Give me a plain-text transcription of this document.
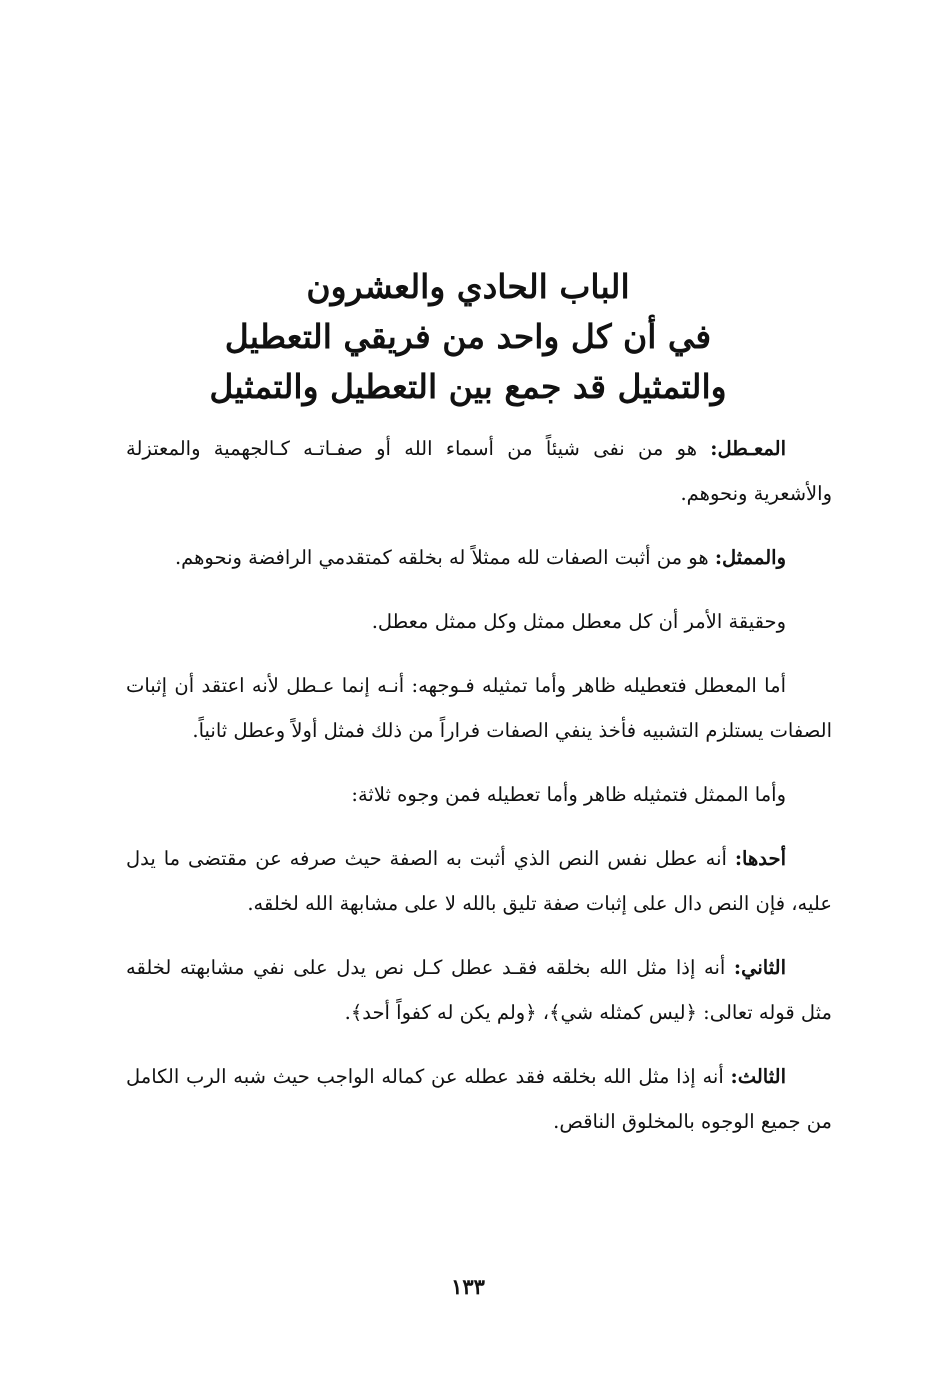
الباب الحادي والعشرون
في أن كل واحد من فريقي التعطيل
والتمثيل قد جمع بين التعطيل والتمثيل

المعـطل: هو من نفى شيئاً من أسماء الله أو صفـاتـه كـالجهمية والمعتزلة والأشعرية ونحوهم.

والممثل: هو من أثبت الصفات لله ممثلاً له بخلقه كمتقدمي الرافضة ونحوهم.

وحقيقة الأمر أن كل معطل ممثل وكل ممثل معطل.

أما المعطل فتعطيله ظاهر وأما تمثيله فـوجهه: أنـه إنما عـطل لأنه اعتقد أن إثبات الصفات يستلزم التشبيه فأخذ ينفي الصفات فراراً من ذلك فمثل أولاً وعطل ثانياً.

وأما الممثل فتمثيله ظاهر وأما تعطيله فمن وجوه ثلاثة:

أحدها: أنه عطل نفس النص الذي أثبت به الصفة حيث صرفه عن مقتضى ما يدل عليه، فإن النص دال على إثبات صفة تليق بالله لا على مشابهة الله لخلقه.

الثاني: أنه إذا مثل الله بخلقه فقـد عطل كـل نص يدل على نفي مشابهته لخلقه مثل قوله تعالى: ﴿ليس كمثله شي﴾، ﴿ولم يكن له كفواً أحد﴾.

الثالث: أنه إذا مثل الله بخلقه فقد عطله عن كماله الواجب حيث شبه الرب الكامل من جميع الوجوه بالمخلوق الناقص.

١٣٣
